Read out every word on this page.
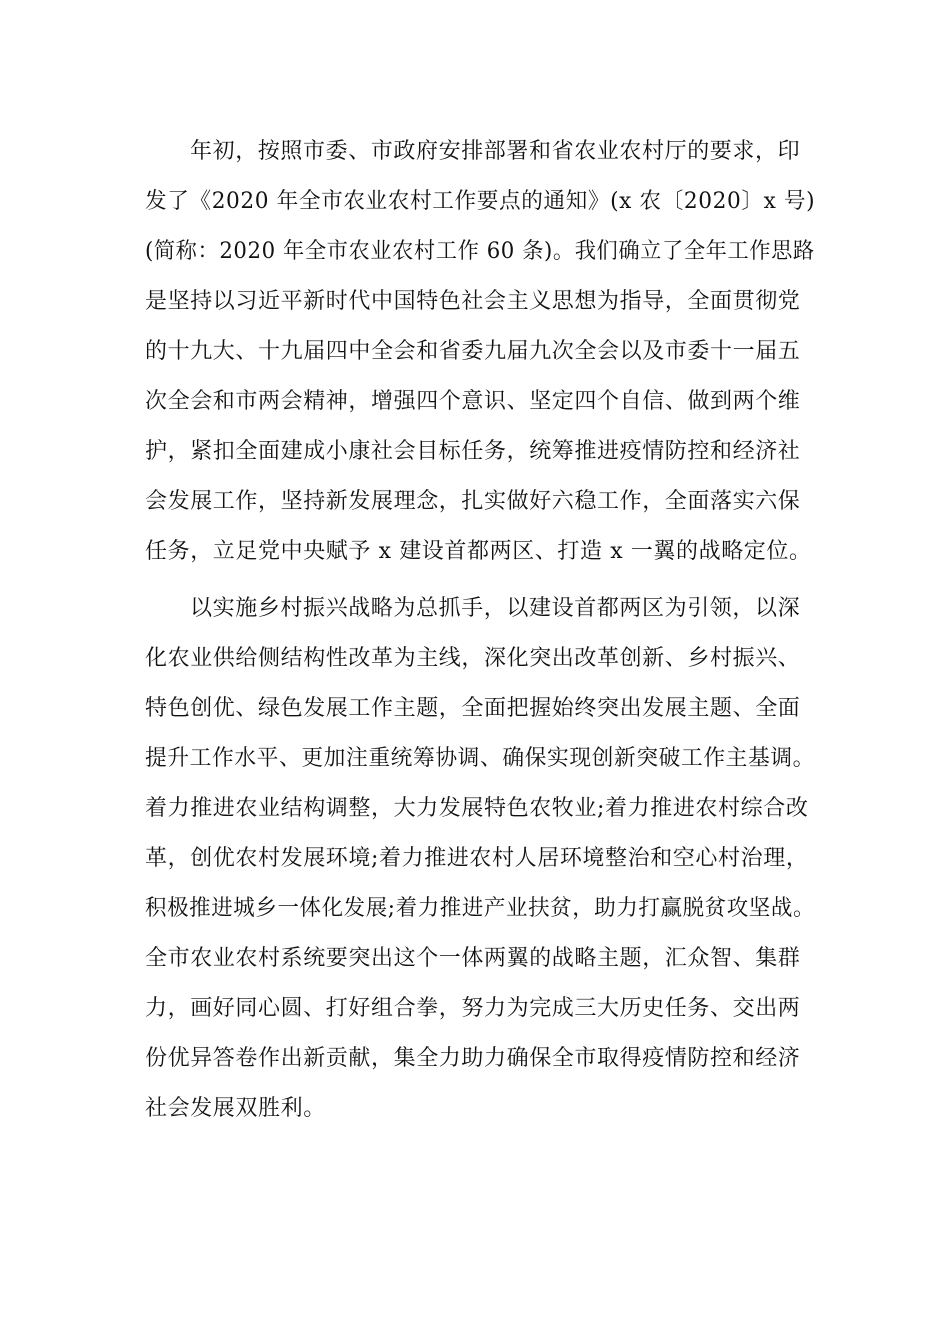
年初，按照市委、市政府安排部署和省农业农村厅的要求，印
发了《2020 年全市农业农村工作要点的通知》(x 农〔2020〕x 号)
(简称：2020 年全市农业农村工作 60 条)。我们确立了全年工作思路
是坚持以习近平新时代中国特色社会主义思想为指导，全面贯彻党
的十九大、十九届四中全会和省委九届九次全会以及市委十一届五
次全会和市两会精神，增强四个意识、坚定四个自信、做到两个维
护，紧扣全面建成小康社会目标任务，统筹推进疫情防控和经济社
会发展工作，坚持新发展理念，扎实做好六稳工作，全面落实六保
任务，立足党中央赋予 x 建设首都两区、打造 x 一翼的战略定位。
以实施乡村振兴战略为总抓手，以建设首都两区为引领，以深
化农业供给侧结构性改革为主线，深化突出改革创新、乡村振兴、
特色创优、绿色发展工作主题，全面把握始终突出发展主题、全面
提升工作水平、更加注重统筹协调、确保实现创新突破工作主基调。
着力推进农业结构调整，大力发展特色农牧业;着力推进农村综合改
革，创优农村发展环境;着力推进农村人居环境整治和空心村治理，
积极推进城乡一体化发展;着力推进产业扶贫，助力打赢脱贫攻坚战。
全市农业农村系统要突出这个一体两翼的战略主题，汇众智、集群
力，画好同心圆、打好组合拳，努力为完成三大历史任务、交出两
份优异答卷作出新贡献，集全力助力确保全市取得疫情防控和经济
社会发展双胜利。
